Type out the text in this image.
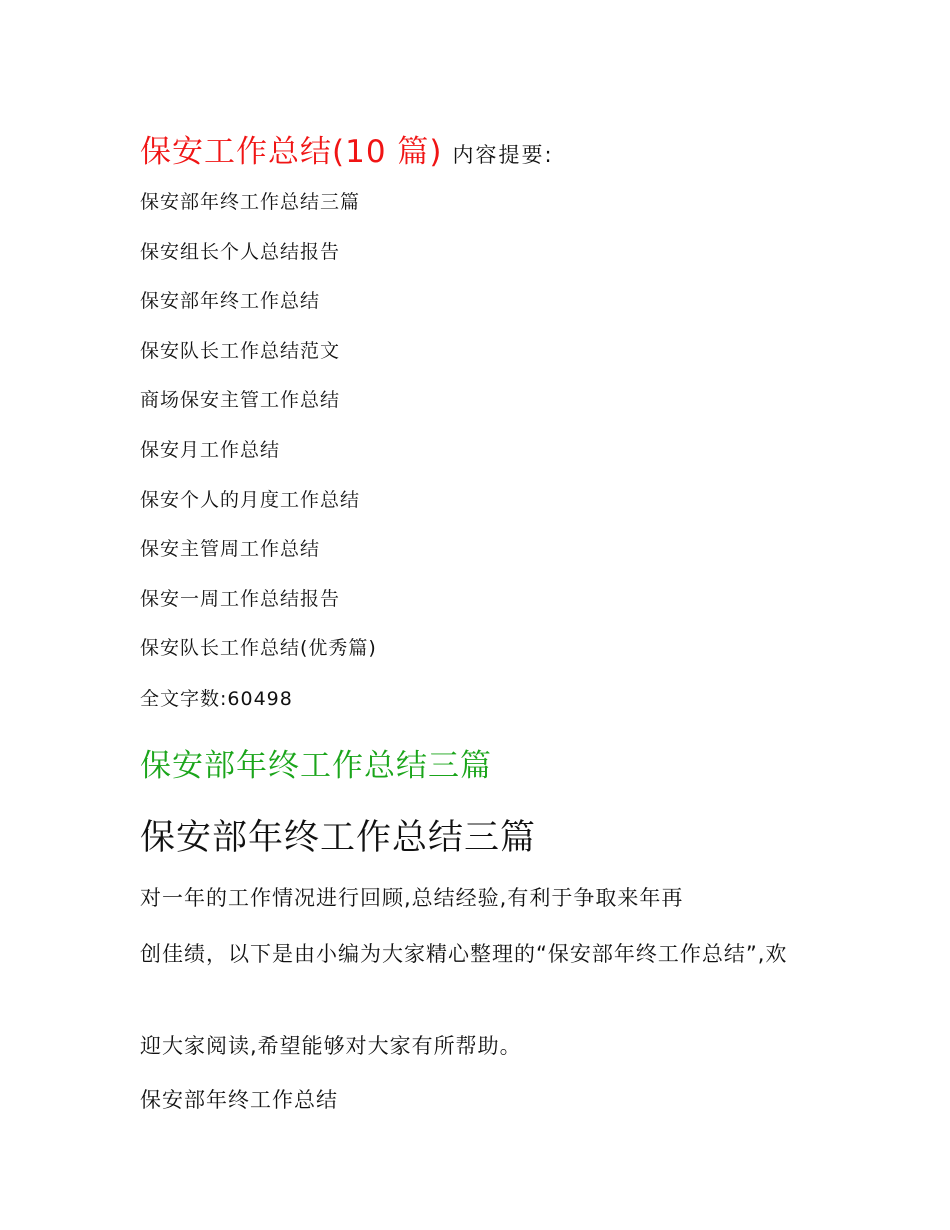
保安工作总结(10 篇) 内容提要:
保安部年终工作总结三篇
保安组长个人总结报告
保安部年终工作总结
保安队长工作总结范文
商场保安主管工作总结
保安月工作总结
保安个人的月度工作总结
保安主管周工作总结
保安一周工作总结报告
保安队长工作总结(优秀篇)
全文字数:60498
保安部年终工作总结三篇
保安部年终工作总结三篇
对一年的工作情况进行回顾,总结经验,有利于争取来年再
创佳绩，以下是由小编为大家精心整理的“保安部年终工作总结”,欢
迎大家阅读,希望能够对大家有所帮助。
保安部年终工作总结
